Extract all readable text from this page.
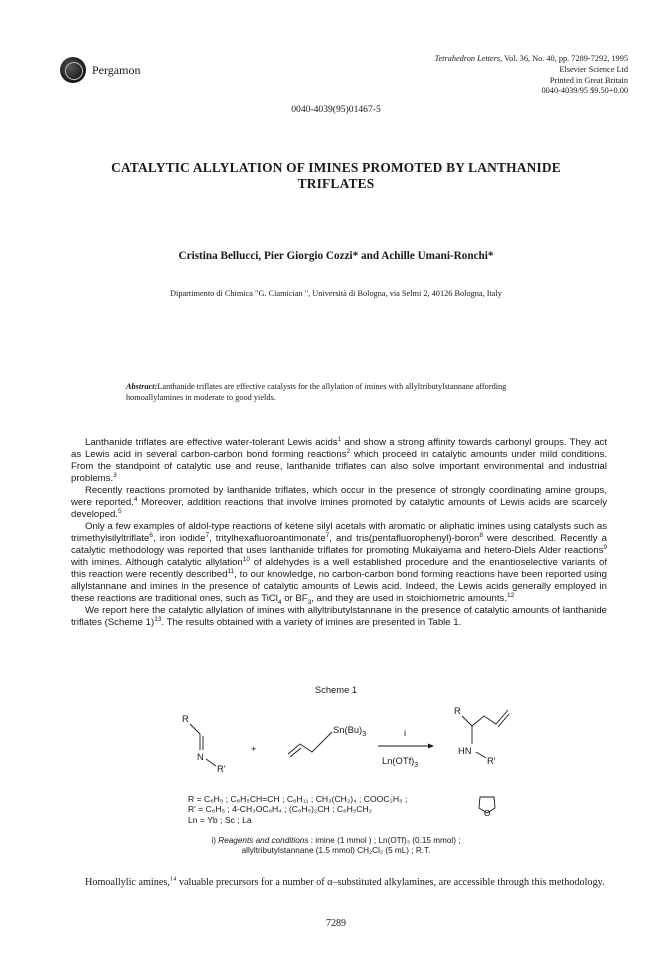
Pergamon
Tetrahedron Letters, Vol. 36, No. 40, pp. 7289-7292, 1995
Elsevier Science Ltd
Printed in Great Britain
0040-4039/95 $9.50+0.00
0040-4039(95)01467-5
CATALYTIC ALLYLATION OF IMINES PROMOTED BY LANTHANIDE
TRIFLATES
Cristina Bellucci, Pier Giorgio Cozzi* and Achille Umani-Ronchi*
Dipartimento di Chimica "G. Ciamician ", Università di Bologna, via Selmi 2, 40126 Bologna, Italy
Abstract:Lanthanide triflates are effective catalysts for the allylation of imines with allyltributylstannane affording homoallylamines in moderate to good yields.

Lanthanide triflates are effective water-tolerant Lewis acids$^1$ and show a strong affinity towards carbonyl groups. They act as Lewis acid in several carbon-carbon bond forming reactions$^2$ which proceed in catalytic amounts under mild conditions. From the standpoint of catalytic use and reuse, lanthanide triflates can also solve important environmental and industrial problems.$^3$

Recently reactions promoted by lanthanide triflates, which occur in the presence of strongly coordinating amine groups, were reported.$^4$ Moreover, addition reactions that involve imines promoted by catalytic amounts of Lewis acids are scarcely developed.$^5$

Only a few examples of aldol-type reactions of ketene silyl acetals with aromatic or aliphatic imines using catalysts such as trimethylsilyltriflate$^6$, iron iodide$^7$, tritylhexafluoroantimonate$^7$, and tris(pentafluorophenyl)-boron$^8$ were described. Recently a catalytic methodology was reported that uses lanthanide triflates for promoting Mukaiyama and hetero-Diels Alder reactions$^9$ with imines. Although catalytic allylation$^{10}$ of aldehydes is a well established procedure and the enantioselective variants of this reaction were recently described$^{11}$, to our knowledge, no carbon-carbon bond forming reactions have been reported using allylstannane and imines in the presence of catalytic amounts of Lewis acid. Indeed, the Lewis acids generally employed in these reactions are traditional ones, such as TiCl$_4$ or $BF_3$, and they are used in stoichiometric amounts.$^{12}$

We report here the catalytic allylation of imines with allyltributylstannane in the presence of catalytic amounts of lanthanide triflates (Scheme 1)$^{13}$. The results obtained with a variety of imines are presented in Table 1.

Scheme 1
R
N
R'
+
$Sn(Bu)_3$	i
$Ln(OTf)_3$
R
HN
R'
R = C₆H₅ ; C₆H₅CH=CH ; C₆H₁₁ ; CH₃(CH₂)₄ ; COOC₂H₅ ;
R' = C₆H₅ ; 4-CH₃OC₆H₄ ; (C₆H₅)₂CH ; C₆H₅CH₂
Ln = Yb ; Sc ; La
O
i) Reagents and conditions : imine (1 mmol ) ; Ln(OTf)₃ (0.15 mmol) ;
allyltributylstannane (1.5 mmol) CH₂Cl₂ (5 mL) ; R.T.

Homoallylic amines,$^{14}$ valuable precursors for a number of α–substituted alkylamines, are accessible through this methodology.

7289
